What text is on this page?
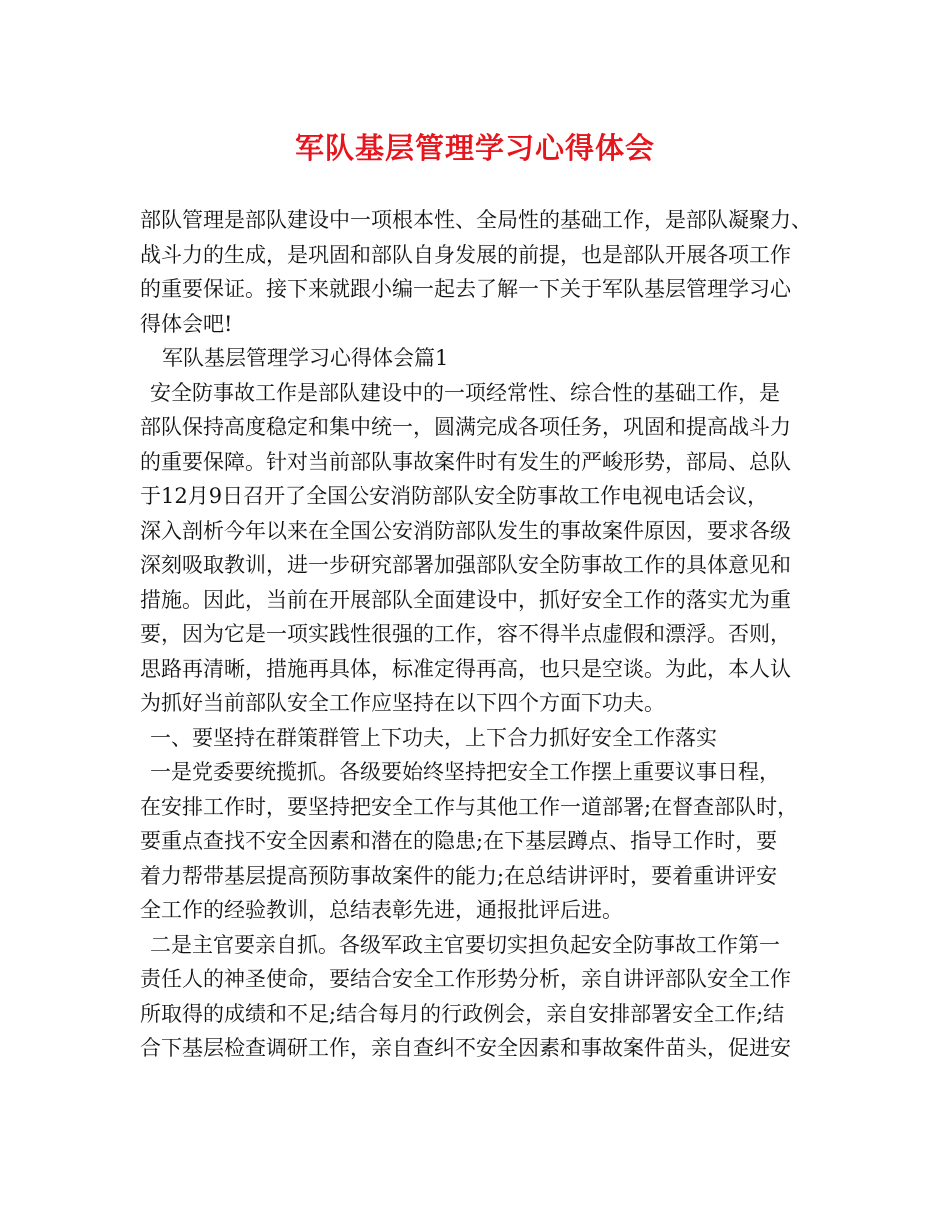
军队基层管理学习心得体会
部队管理是部队建设中一项根本性、全局性的基础工作，是部队凝聚力、
战斗力的生成，是巩固和部队自身发展的前提，也是部队开展各项工作
的重要保证。接下来就跟小编一起去了解一下关于军队基层管理学习心
得体会吧!
军队基层管理学习心得体会篇1
安全防事故工作是部队建设中的一项经常性、综合性的基础工作，是
部队保持高度稳定和集中统一，圆满完成各项任务，巩固和提高战斗力
的重要保障。针对当前部队事故案件时有发生的严峻形势，部局、总队
于12月9日召开了全国公安消防部队安全防事故工作电视电话会议，
深入剖析今年以来在全国公安消防部队发生的事故案件原因，要求各级
深刻吸取教训，进一步研究部署加强部队安全防事故工作的具体意见和
措施。因此，当前在开展部队全面建设中，抓好安全工作的落实尤为重
要，因为它是一项实践性很强的工作，容不得半点虚假和漂浮。否则，
思路再清晰，措施再具体，标准定得再高，也只是空谈。为此，本人认
为抓好当前部队安全工作应坚持在以下四个方面下功夫。
一、要坚持在群策群管上下功夫，上下合力抓好安全工作落实
一是党委要统揽抓。各级要始终坚持把安全工作摆上重要议事日程，
在安排工作时，要坚持把安全工作与其他工作一道部署;在督查部队时，
要重点查找不安全因素和潜在的隐患;在下基层蹲点、指导工作时，要
着力帮带基层提高预防事故案件的能力;在总结讲评时，要着重讲评安
全工作的经验教训，总结表彰先进，通报批评后进。
二是主官要亲自抓。各级军政主官要切实担负起安全防事故工作第一
责任人的神圣使命，要结合安全工作形势分析，亲自讲评部队安全工作
所取得的成绩和不足;结合每月的行政例会，亲自安排部署安全工作;结
合下基层检查调研工作，亲自查纠不安全因素和事故案件苗头，促进安
